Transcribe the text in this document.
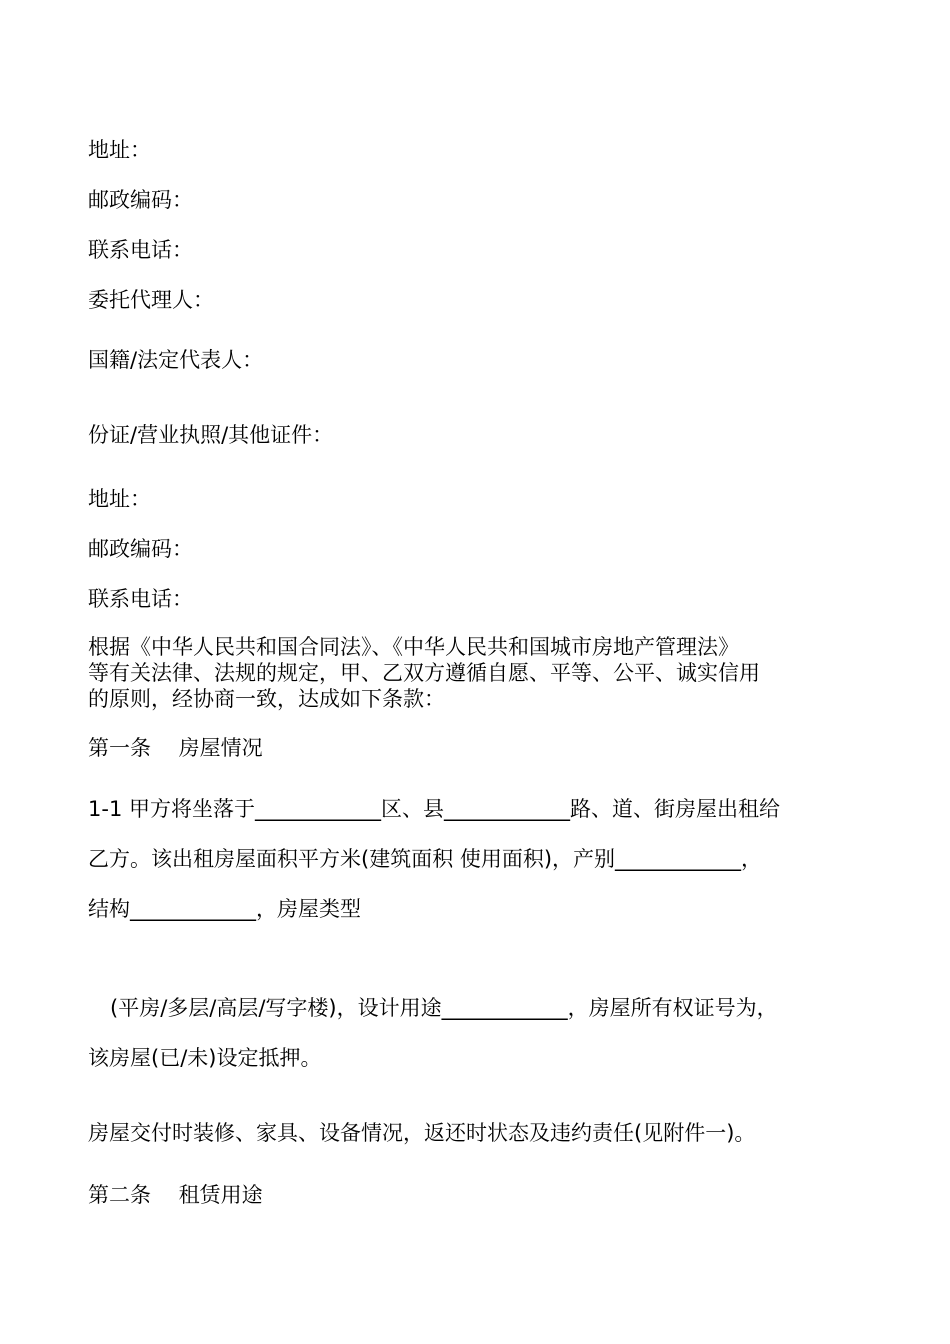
地址：
邮政编码：
联系电话：
委托代理人：
国籍/法定代表人：
份证/营业执照/其他证件：
地址：
邮政编码：
联系电话：
根据《中华人民共和国合同法》、《中华人民共和国城市房地产管理法》
等有关法律、法规的规定，甲、乙双方遵循自愿、平等、公平、诚实信用
的原则，经协商一致，达成如下条款：
第一条　 房屋情况
1-1 甲方将坐落于____________区、县____________路、道、街房屋出租给
乙方。该出租房屋面积平方米(建筑面积 使用面积)，产别____________，
结构____________，房屋类型
(平房/多层/高层/写字楼)，设计用途____________，房屋所有权证号为，
该房屋(已/未)设定抵押。
房屋交付时装修、家具、设备情况，返还时状态及违约责任(见附件一)。
第二条　 租赁用途
